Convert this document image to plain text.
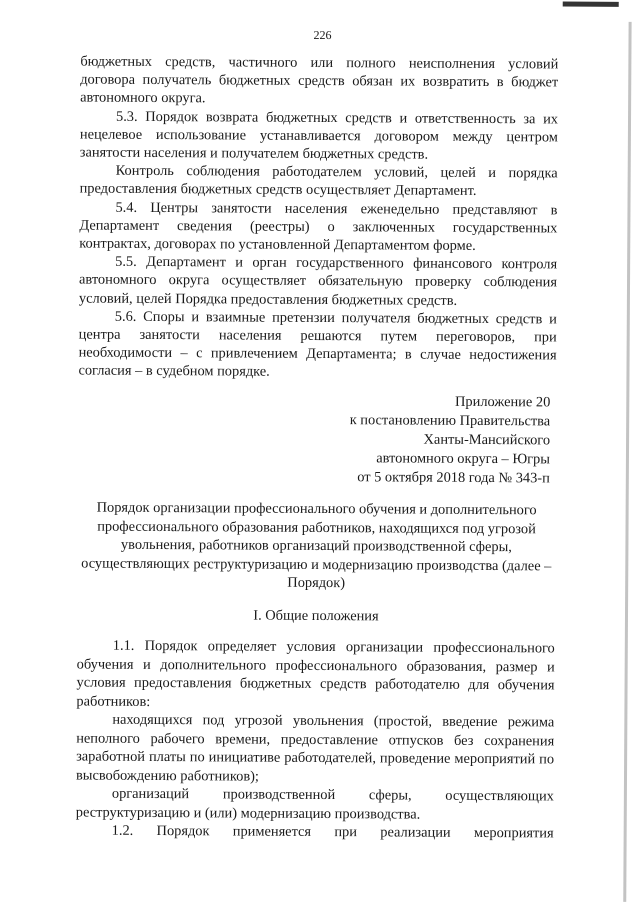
226

бюджетных средств, частичного или полного неисполнения условий договора получатель бюджетных средств обязан их возвратить в бюджет автономного округа.

5.3. Порядок возврата бюджетных средств и ответственность за их нецелевое использование устанавливается договором между центром занятости населения и получателем бюджетных средств.

Контроль соблюдения работодателем условий, целей и порядка предоставления бюджетных средств осуществляет Департамент.

5.4. Центры занятости населения еженедельно представляют в Департамент сведения (реестры) о заключенных государственных контрактах, договорах по установленной Департаментом форме.

5.5. Департамент и орган государственного финансового контроля автономного округа осуществляет обязательную проверку соблюдения условий, целей Порядка предоставления бюджетных средств.

5.6. Споры и взаимные претензии получателя бюджетных средств и центра занятости населения решаются путем переговоров, при необходимости – с привлечением Департамента; в случае недостижения согласия – в судебном порядке.

Приложение 20
к постановлению Правительства
Ханты-Мансийского
автономного округа – Югры
от 5 октября 2018 года № 343-п
Порядок организации профессионального обучения и дополнительного профессионального образования работников, находящихся под угрозой увольнения, работников организаций производственной сферы, осуществляющих реструктуризацию и модернизацию производства (далее – Порядок)
I. Общие положения

1.1. Порядок определяет условия организации профессионального обучения и дополнительного профессионального образования, размер и условия предоставления бюджетных средств работодателю для обучения работников:

находящихся под угрозой увольнения (простой, введение режима неполного рабочего времени, предоставление отпусков без сохранения заработной платы по инициативе работодателей, проведение мероприятий по высвобождению работников);

организаций производственной сферы, осуществляющих реструктуризацию и (или) модернизацию производства.

1.2. Порядок применяется при реализации мероприятия
